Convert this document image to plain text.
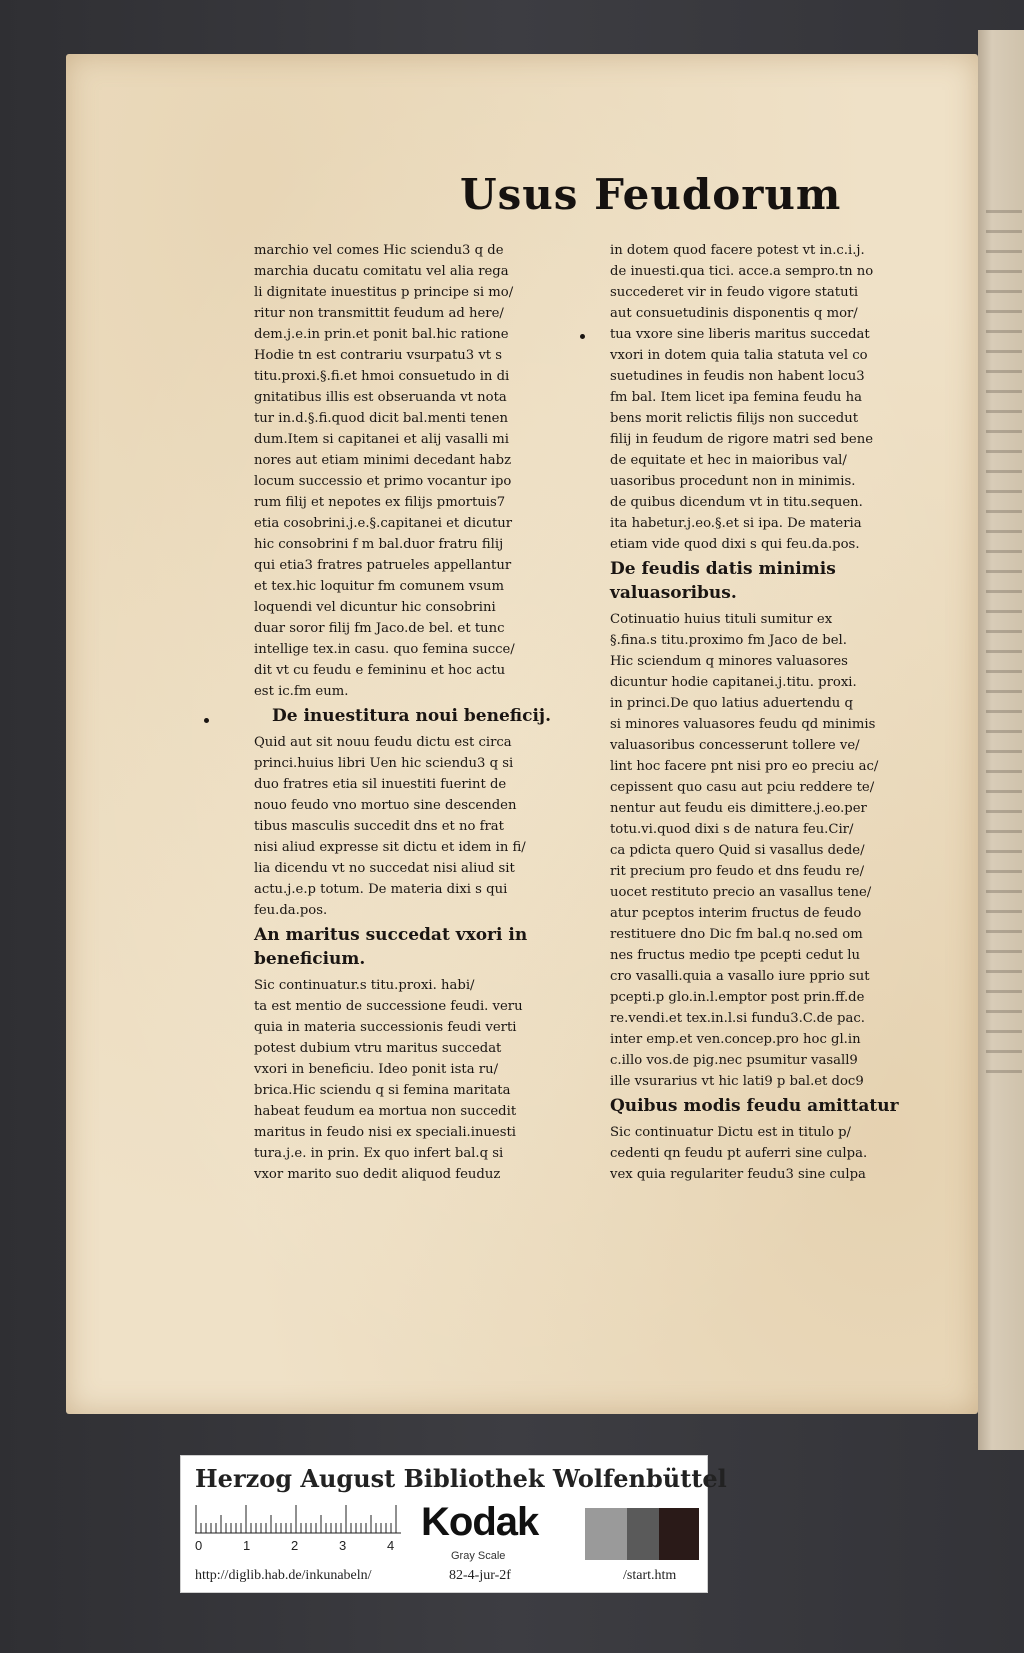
Usus Feudorum

marchio vel comes Hic sciendu3 q de

marchia ducatu comitatu vel alia rega

li dignitate inuestitus p principe si mo/

ritur non transmittit feudum ad here/

dem.j.e.in prin.et ponit bal.hic ratione

Hodie tn est contrariu vsurpatu3 vt s

titu.proxi.§.fi.et hmoi consuetudo in di

gnitatibus illis est obseruanda vt nota

tur in.d.§.fi.quod dicit bal.menti tenen

dum.Item si capitanei et alij vasalli mi

nores aut etiam minimi decedant habz

locum successio et primo vocantur ipo

rum filij et nepotes ex filijs pmortuis7

etia cosobrini.j.e.§.capitanei et dicutur

hic consobrini f m bal.duor fratru filij

qui etia3 fratres patrueles appellantur

et tex.hic loquitur fm comunem vsum

loquendi vel dicuntur hic consobrini

duar soror filij fm Jaco.de bel. et tunc

intellige tex.in casu. quo femina succe/

dit vt cu feudu e femininu et hoc actu

est ic.fm eum.

De inuestitura noui beneficij.

Quid aut sit nouu feudu dictu est circa

princi.huius libri Uen hic sciendu3 q si

duo fratres etia sil inuestiti fuerint de

nouo feudo vno mortuo sine descenden

tibus masculis succedit dns et no frat

nisi aliud expresse sit dictu et idem in fi/

lia dicendu vt no succedat nisi aliud sit

actu.j.e.p totum. De materia dixi s qui

feu.da.pos.

An maritus succedat vxori in beneficium.

Sic continuatur.s titu.proxi. habi/

ta est mentio de successione feudi. veru

quia in materia successionis feudi verti

potest dubium vtru maritus succedat

vxori in beneficiu. Ideo ponit ista ru/

brica.Hic sciendu q si femina maritata

habeat feudum ea mortua non succedit

maritus in feudo nisi ex speciali.inuesti

tura.j.e. in prin. Ex quo infert bal.q si

vxor marito suo dedit aliquod feuduz

in dotem quod facere potest vt in.c.i.j.

de inuesti.qua tici. acce.a sempro.tn no

succederet vir in feudo vigore statuti

aut consuetudinis disponentis q mor/

tua vxore sine liberis maritus succedat

vxori in dotem quia talia statuta vel co

suetudines in feudis non habent locu3

fm bal. Item licet ipa femina feudu ha

bens morit relictis filijs non succedut

filij in feudum de rigore matri sed bene

de equitate et hec in maioribus val/

uasoribus procedunt non in minimis.

de quibus dicendum vt in titu.sequen.

ita habetur.j.eo.§.et si ipa. De materia

etiam vide quod dixi s qui feu.da.pos.

De feudis datis minimis valuasoribus.

Cotinuatio huius tituli sumitur ex

§.fina.s titu.proximo fm Jaco de bel.

Hic sciendum q minores valuasores

dicuntur hodie capitanei.j.titu. proxi.

in princi.De quo latius aduertendu q

si minores valuasores feudu qd minimis

valuasoribus concesserunt tollere ve/

lint hoc facere pnt nisi pro eo preciu ac/

cepissent quo casu aut pciu reddere te/

nentur aut feudu eis dimittere.j.eo.per

totu.vi.quod dixi s de natura feu.Cir/

ca pdicta quero Quid si vasallus dede/

rit precium pro feudo et dns feudu re/

uocet restituto precio an vasallus tene/

atur pceptos interim fructus de feudo

restituere dno Dic fm bal.q no.sed om

nes fructus medio tpe pcepti cedut lu

cro vasalli.quia a vasallo iure pprio sut

pcepti.p glo.in.l.emptor post prin.ff.de

re.vendi.et tex.in.l.si fundu3.C.de pac.

inter emp.et ven.concep.pro hoc gl.in

c.illo vos.de pig.nec psumitur vasall9

ille vsurarius vt hic lati9 p bal.et doc9

Quibus modis feudu amittatur

Sic continuatur Dictu est in titulo p/

cedenti qn feudu pt auferri sine culpa.

vex quia regulariter feudu3 sine culpa

Herzog August Bibliothek Wolfenbüttel
0	1	2	3	4
Kodak
Gray Scale
http://diglib.hab.de/inkunabeln/	82-4-jur-2f	/start.htm
